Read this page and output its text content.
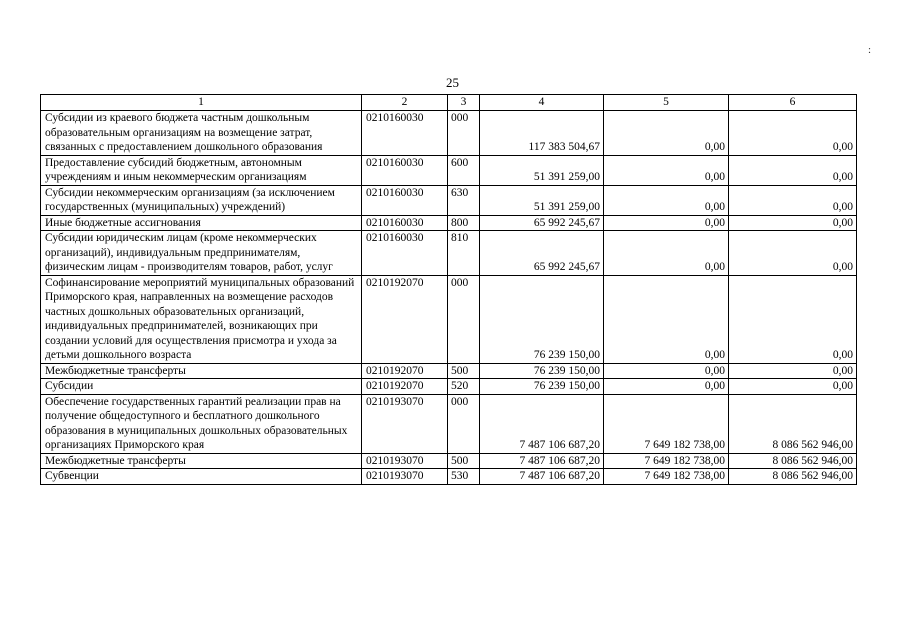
25
:
1	2	3	4	5	6
Субсидии из краевого бюджета частным дошкольным образовательным организациям на возмещение затрат, связанных с предоставлением дошкольного образования	0210160030	000	117 383 504,67	0,00	0,00
Предоставление субсидий бюджетным, автономным учреждениям и иным некоммерческим организациям	0210160030	600	51 391 259,00	0,00	0,00
Субсидии некоммерческим организациям (за исключением государственных (муниципальных) учреждений)	0210160030	630	51 391 259,00	0,00	0,00
Иные бюджетные ассигнования	0210160030	800	65 992 245,67	0,00	0,00
Субсидии юридическим лицам (кроме некоммерческих организаций), индивидуальным предпринимателям, физическим лицам - производителям товаров, работ, услуг	0210160030	810	65 992 245,67	0,00	0,00
Софинансирование мероприятий муниципальных образований Приморского края, направленных на возмещение расходов частных дошкольных образовательных организаций, индивидуальных предпринимателей, возникающих при создании условий для осуществления присмотра и ухода за детьми дошкольного возраста	0210192070	000	76 239 150,00	0,00	0,00
Межбюджетные трансферты	0210192070	500	76 239 150,00	0,00	0,00
Субсидии	0210192070	520	76 239 150,00	0,00	0,00
Обеспечение государственных гарантий реализации прав на получение общедоступного и бесплатного дошкольного образования в муниципальных дошкольных образовательных организациях Приморского края	0210193070	000	7 487 106 687,20	7 649 182 738,00	8 086 562 946,00
Межбюджетные трансферты	0210193070	500	7 487 106 687,20	7 649 182 738,00	8 086 562 946,00
Субвенции	0210193070	530	7 487 106 687,20	7 649 182 738,00	8 086 562 946,00
